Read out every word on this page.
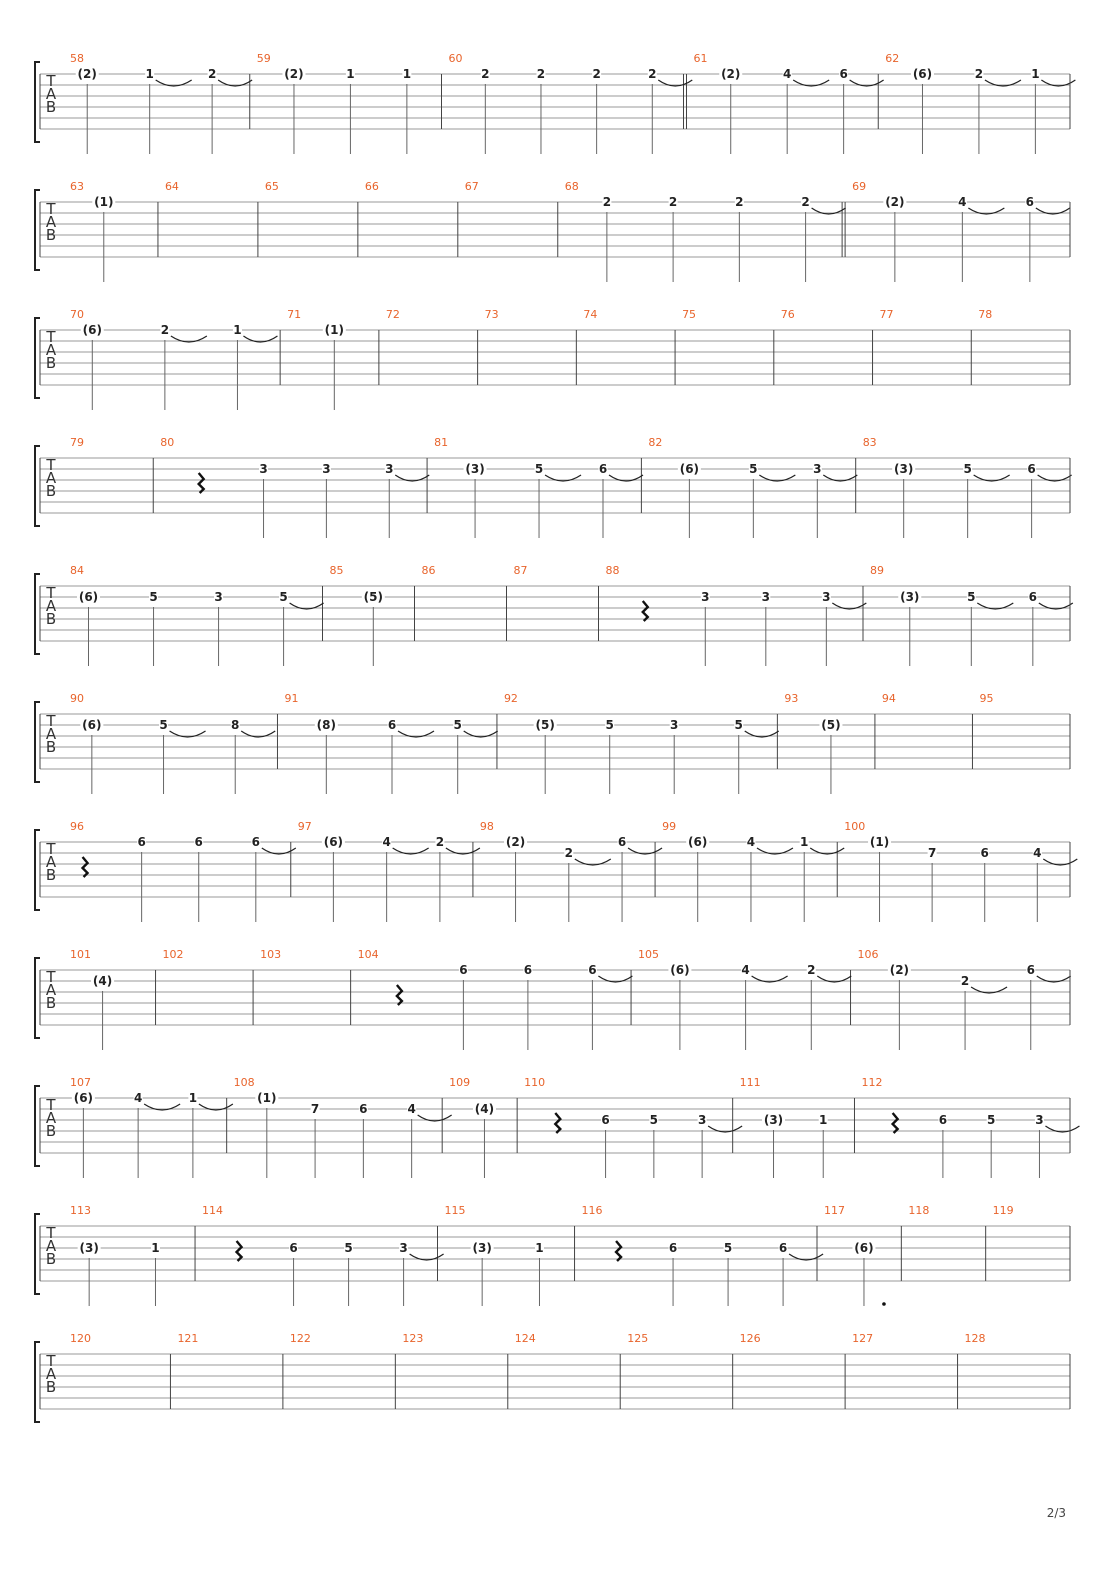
T
A
B
58
(2)	1	2
59
(2)	1	1
60
2	2	2	2
61
(2)	4	6
62
(6)	2	1
T
A
B
63
(1)
64	65	66	67	68
2	2	2	2
69
(2)	4	6
T
A
B
70
(6)	2	1
71
(1)
72	73	74	75	76	77	78
T
A
B
79	80
3	3	3
81
(3)	5	6
82
(6)	5	3
83
(3)	5	6
T
A
B
84
(6)	5	3	5
85
(5)
86	87	88
3	3	3
89
(3)	5	6
T
A
B
90
(6)	5	8
91
(8)	6	5
92
(5)	5	3	5
93
(5)
94	95
T
A
B
96
6	6	6
97
(6)	4	2
98
(2)
2
6
99
(6)	4	1
100
(1)
7	6	4
T
A
B
101
(4)
102	103	104
6	6	6
105
(6)	4	2
106
(2)
2
6
T
A
B
107
(6)	4	1
108
(1)
7	6	4
109
(4)
110
6	5	3
111
(3)	1
112
6	5	3
T
A
B
113
(3)	1
114
6	5	3
115
(3)	1
116
6	5	6
117
(6)
118	119
T
A
B
120	121	122	123	124	125	126	127	128
2/3
